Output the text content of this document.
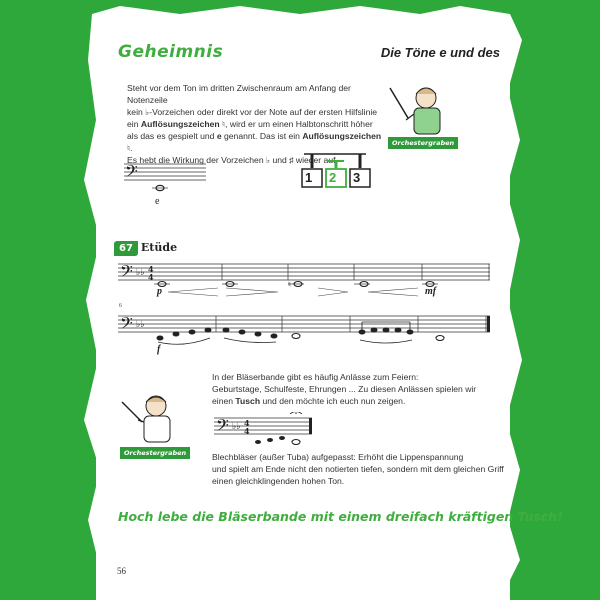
Geheimnis	Die Töne e und des

Steht vor dem Ton im dritten Zwischenraum am Anfang der Notenzeile

kein ♭-Vorzeichen oder direkt vor der Note auf der ersten Hilfslinie

ein Auflösungszeichen ♮, wird er um einen Halbtonschritt höher

als das es gespielt und e genannt. Das ist ein Auflösungszeichen ♮.

Es hebt die Wirkung der Vorzeichen ♭ und ♯ wieder auf.

Orchestergraben
𝄢
e
1 2 3
67 Etüde
𝄢 ♭♭ 4
4
♮
p	mf
6
𝄢 ♭♭
f

In der Bläserbande gibt es häufig Anlässe zum Feiern:

Geburtstage, Schulfeste, Ehrungen ... Zu diesen Anlässen spielen wir

einen Tusch und den möchte ich euch nun zeigen.

Orchestergraben
𝄢 ♭♭ 4
4

Blechbläser (außer Tuba) aufgepasst: Erhöht die Lippenspannung

und spielt am Ende nicht den notierten tiefen, sondern mit dem gleichen Griff

einen gleichklingenden hohen Ton.

Hoch lebe die Bläserbande mit einem dreifach kräftigen Tusch!
56
